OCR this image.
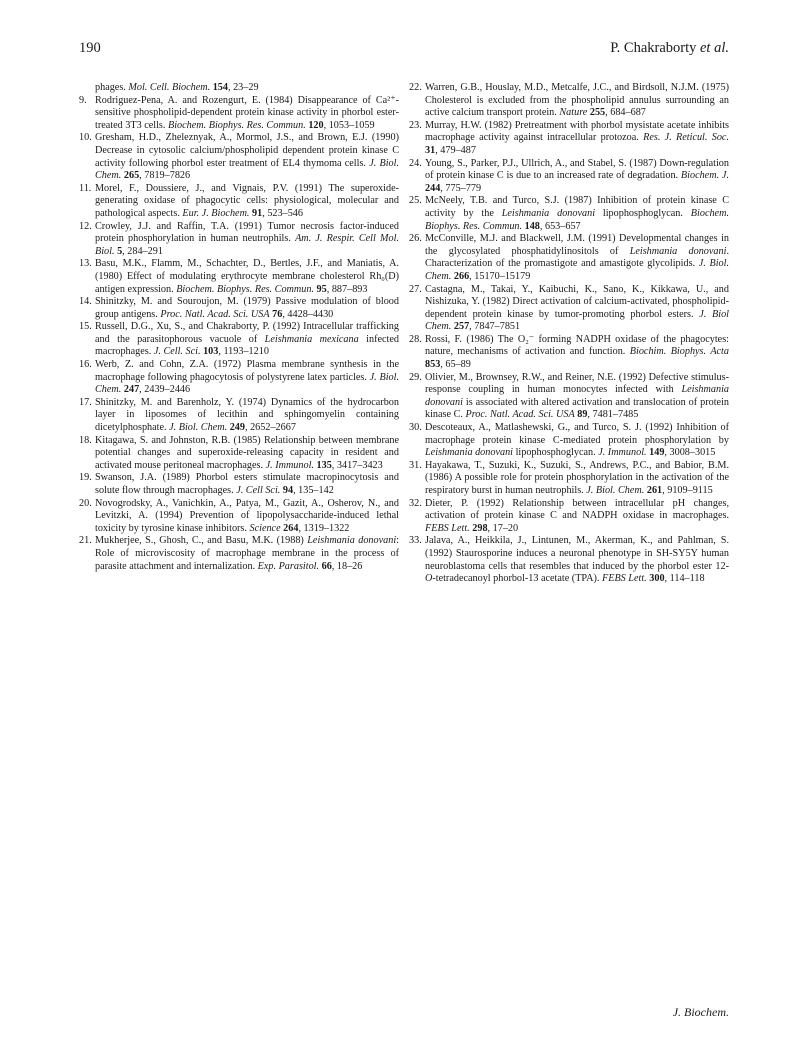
190	P. Chakraborty et al.

phages. Mol. Cell. Biochem. 154, 23–29

9. Rodriguez-Pena, A. and Rozengurt, E. (1984) Disappearance of Ca²⁺-sensitive phospholipid-dependent protein kinase activity in phorbol ester-treated 3T3 cells. Biochem. Biophys. Res. Commun. 120, 1053–1059

10. Gresham, H.D., Zheleznyak, A., Mormol, J.S., and Brown, E.J. (1990) Decrease in cytosolic calcium/phospholipid dependent protein kinase C activity following phorbol ester treatment of EL4 thymoma cells. J. Biol. Chem. 265, 7819–7826

11. Morel, F., Doussiere, J., and Vignais, P.V. (1991) The superoxide-generating oxidase of phagocytic cells: physiological, molecular and pathological aspects. Eur. J. Biochem. 91, 523–546

12. Crowley, J.J. and Raffin, T.A. (1991) Tumor necrosis factor-induced protein phosphorylation in human neutrophils. Am. J. Respir. Cell Mol. Biol. 5, 284–291

13. Basu, M.K., Flamm, M., Schachter, D., Bertles, J.F., and Maniatis, A. (1980) Effect of modulating erythrocyte membrane cholesterol Rh₀(D) antigen expression. Biochem. Biophys. Res. Commun. 95, 887–893

14. Shinitzky, M. and Souroujon, M. (1979) Passive modulation of blood group antigens. Proc. Natl. Acad. Sci. USA 76, 4428–4430

15. Russell, D.G., Xu, S., and Chakraborty, P. (1992) Intracellular trafficking and the parasitophorous vacuole of Leishmania mexicana infected macrophages. J. Cell. Sci. 103, 1193–1210

16. Werb, Z. and Cohn, Z.A. (1972) Plasma membrane synthesis in the macrophage following phagocytosis of polystyrene latex particles. J. Biol. Chem. 247, 2439–2446

17. Shinitzky, M. and Barenholz, Y. (1974) Dynamics of the hydrocarbon layer in liposomes of lecithin and sphingomyelin containing dicetylphosphate. J. Biol. Chem. 249, 2652–2667

18. Kitagawa, S. and Johnston, R.B. (1985) Relationship between membrane potential changes and superoxide-releasing capacity in resident and activated mouse peritoneal macrophages. J. Immunol. 135, 3417–3423

19. Swanson, J.A. (1989) Phorbol esters stimulate macropinocytosis and solute flow through macrophages. J. Cell Sci. 94, 135–142

20. Novogrodsky, A., Vanichkin, A., Patya, M., Gazit, A., Osherov, N., and Levitzki, A. (1994) Prevention of lipopolysaccharide-induced lethal toxicity by tyrosine kinase inhibitors. Science 264, 1319–1322

21. Mukherjee, S., Ghosh, C., and Basu, M.K. (1988) Leishmania donovani: Role of microviscosity of macrophage membrane in the process of parasite attachment and internalization. Exp. Parasitol. 66, 18–26

22. Warren, G.B., Houslay, M.D., Metcalfe, J.C., and Birdsoll, N.J.M. (1975) Cholesterol is excluded from the phospholipid annulus surrounding an active calcium transport protein. Nature 255, 684–687

23. Murray, H.W. (1982) Pretreatment with phorbol mysistate acetate inhibits macrophage activity against intracellular protozoa. Res. J. Reticul. Soc. 31, 479–487

24. Young, S., Parker, P.J., Ullrich, A., and Stabel, S. (1987) Down-regulation of protein kinase C is due to an increased rate of degradation. Biochem. J. 244, 775–779

25. McNeely, T.B. and Turco, S.J. (1987) Inhibition of protein kinase C activity by the Leishmania donovani lipophosphoglycan. Biochem. Biophys. Res. Commun. 148, 653–657

26. McConville, M.J. and Blackwell, J.M. (1991) Developmental changes in the glycosylated phosphatidylinositols of Leishmania donovani. Characterization of the promastigote and amastigote glycolipids. J. Biol. Chem. 266, 15170–15179

27. Castagna, M., Takai, Y., Kaibuchi, K., Sano, K., Kikkawa, U., and Nishizuka, Y. (1982) Direct activation of calcium-activated, phospholipid-dependent protein kinase by tumor-promoting phorbol esters. J. Biol Chem. 257, 7847–7851

28. Rossi, F. (1986) The O₂⁻ forming NADPH oxidase of the phagocytes: nature, mechanisms of activation and function. Biochim. Biophys. Acta 853, 65–89

29. Olivier, M., Brownsey, R.W., and Reiner, N.E. (1992) Defective stimulus-response coupling in human monocytes infected with Leishmania donovani is associated with altered activation and translocation of protein kinase C. Proc. Natl. Acad. Sci. USA 89, 7481–7485

30. Descoteaux, A., Matlashewski, G., and Turco, S. J. (1992) Inhibition of macrophage protein kinase C-mediated protein phosphorylation by Leishmania donovani lipophosphoglycan. J. Immunol. 149, 3008–3015

31. Hayakawa, T., Suzuki, K., Suzuki, S., Andrews, P.C., and Babior, B.M. (1986) A possible role for protein phosphorylation in the activation of the respiratory burst in human neutrophils. J. Biol. Chem. 261, 9109–9115

32. Dieter, P. (1992) Relationship between intracellular pH changes, activation of protein kinase C and NADPH oxidase in macrophages. FEBS Lett. 298, 17–20

33. Jalava, A., Heikkila, J., Lintunen, M., Akerman, K., and Pahlman, S. (1992) Staurosporine induces a neuronal phenotype in SH-SY5Y human neuroblastoma cells that resembles that induced by the phorbol ester 12-O-tetradecanoyl phorbol-13 acetate (TPA). FEBS Lett. 300, 114–118

J. Biochem.
